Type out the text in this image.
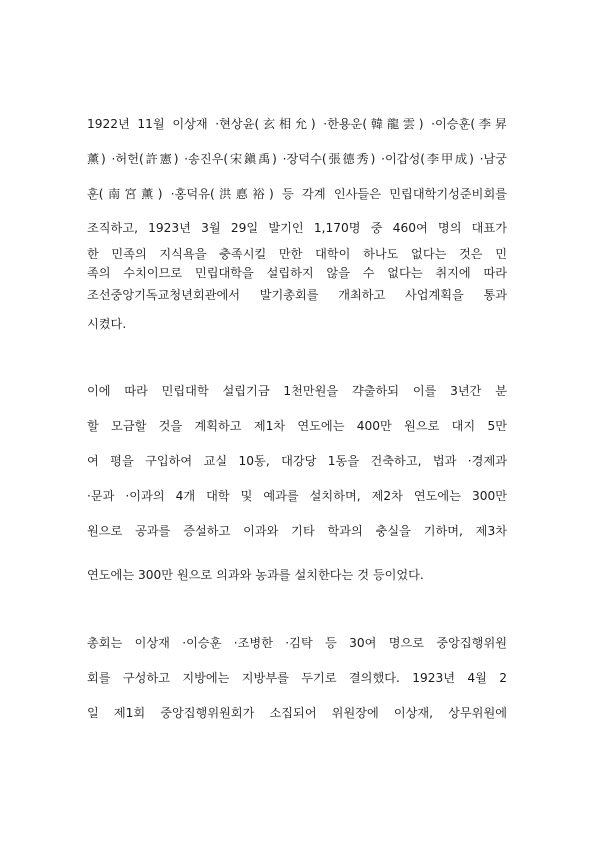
1922년 11월 이상재 ·현상윤(玄相允) ·한용운(韓龍雲) ·이승훈(李昇
薰) ·허헌(許憲) ·송진우(宋鎭禹) ·장덕수(張德秀) ·이갑성(李甲成) ·남궁
훈(南宮薰) ·홍덕유(洪悳裕) 등 각계 인사들은 민립대학기성준비회를
조직하고, 1923년 3월 29일 발기인 1,170명 중 460여 명의 대표가
한 민족의 지식욕을 충족시킬 만한 대학이 하나도 없다는 것은 민
족의 수치이므로 민립대학을 설립하지 않을 수 없다는 취지에 따라
조선중앙기독교청년회관에서 발기총회를 개최하고 사업계획을 통과
시켰다.
이에 따라 민립대학 설립기금 1천만원을 갹출하되 이를 3년간 분
할 모금할 것을 계획하고 제1차 연도에는 400만 원으로 대지 5만
여 평을 구입하여 교실 10동, 대강당 1동을 건축하고, 법과 ·경제과
·문과 ·이과의 4개 대학 및 예과를 설치하며, 제2차 연도에는 300만
원으로 공과를 증설하고 이과와 기타 학과의 충실을 기하며, 제3차
연도에는 300만 원으로 의과와 농과를 설치한다는 것 등이었다.
총회는 이상재 ·이승훈 ·조병한 ·김탁 등 30여 명으로 중앙집행위원
회를 구성하고 지방에는 지방부를 두기로 결의했다. 1923년 4월 2
일 제1회 중앙집행위원회가 소집되어 위원장에 이상재, 상무위원에
